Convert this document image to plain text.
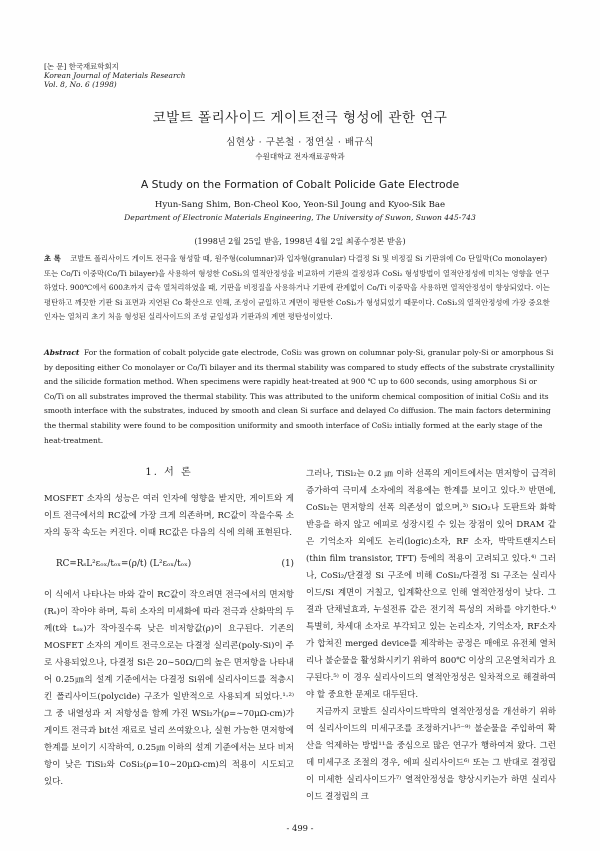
[논 문] 한국재료학회지
Korean Journal of Materials Research
Vol. 8, No. 6 (1998)
코발트 폴리사이드 게이트전극 형성에 관한 연구
심현상 · 구본철 · 정연실 · 배규식
수원대학교 전자재료공학과
A Study on the Formation of Cobalt Policide Gate Electrode
Hyun-Sang Shim, Bon-Cheol Koo, Yeon-Sil Joung and Kyoo-Sik Bae
Department of Electronic Materials Engineering, The University of Suwon, Suwon 445-743
(1998년 2월 25일 받음, 1998년 4월 2일 최종수정본 받음)
초 록 코발트 폴리사이드 게이트 전극을 형성할 때, 원주형(columnar)과 입자형(granular) 다결정 Si 및 비정질 Si 기판위에 Co 단일막(Co monolayer) 또는 Co/Ti 이중막(Co/Ti bilayer)을 사용하여 형성한 CoSi₂의 열적안정성을 비교하여 기판의 결정성과 CoSi₂ 형성방법이 열적안정성에 미치는 영향을 연구하였다. 900℃에서 600초까지 급속 열처리하였을 때, 기판을 비정질을 사용하거나 기판에 관계없이 Co/Ti 이중막을 사용하면 열적안정성이 향상되었다. 이는 평탄하고 깨끗한 기판 Si 표면과 지연된 Co 확산으로 인해, 조성이 균일하고 계면이 평탄한 CoSi₂가 형성되었기 때문이다. CoSi₂의 열적안정성에 가장 중요한 인자는 열처리 초기 처음 형성된 실리사이드의 조성 균일성과 기판과의 계면 평탄성이었다.
Abstract For the formation of cobalt polycide gate electrode, CoSi₂ was grown on columnar poly-Si, granular poly-Si or amorphous Si by depositing either Co monolayer or Co/Ti bilayer and its thermal stability was compared to study effects of the substrate crystallinity and the silicide formation method. When specimens were rapidly heat-treated at 900 ℃ up to 600 seconds, using amorphous Si or Co/Ti on all substrates improved the thermal stability. This was attributed to the uniform chemical composition of initial CoSi₂ and its smooth interface with the substrates, induced by smooth and clean Si surface and delayed Co diffusion. The main factors determining the thermal stability were found to be composition uniformity and smooth interface of CoSi₂ intially formed at the early stage of the heat-treatment.
1. 서 론

MOSFET 소자의 성능은 여러 인자에 영향을 받지만, 게이트와 게이트 전극에서의 RC값에 가장 크게 의존하며, RC값이 작을수록 소자의 동작 속도는 커진다. 이때 RC값은 다음의 식에 의해 표현된다.

RC=RₛL²εₒₓ/tₒₓ=(ρ/t) (L²εₒₓ/tₒₓ)	(1)

이 식에서 나타나는 바와 같이 RC값이 작으려면 전극에서의 면저항(Rₛ)이 작아야 하며, 특히 소자의 미세화에 따라 전극과 산화막의 두께(t와 tₒₓ)가 작아질수록 낮은 비저항값(ρ)이 요구된다. 기존의 MOSFET 소자의 게이트 전극으로는 다결정 실리콘(poly-Si)이 주로 사용되었으나, 다결정 Si은 20∼50Ω/□의 높은 면저항을 나타내어 0.25㎛의 설계 기준에서는 다결정 Si위에 실리사이드를 적층시킨 폴리사이드(polycide) 구조가 일반적으로 사용되게 되었다.¹·²⁾ 그 중 내열성과 저 저항성을 함께 가진 WSi₂가(ρ=∼70μΩ-cm)가 게이트 전극과 bit선 재료로 널리 쓰여왔으나, 실현 가능한 면저항에 한계를 보이기 시작하여, 0.25㎛ 이하의 설계 기준에서는 보다 비저항이 낮은 TiSi₂와 CoSi₂(ρ=10∼20μΩ-cm)의 적용이 시도되고 있다.

그러나, TiSi₂는 0.2 ㎛ 이하 선폭의 게이트에서는 면저항이 급격히 증가하여 극미세 소자에의 적용에는 한계를 보이고 있다.³⁾ 반면에, CoSi₂는 면저항의 선폭 의존성이 없으며,³⁾ SiO₂나 도판트와 화학 반응을 하지 않고 에피로 성장시킬 수 있는 장점이 있어 DRAM 같은 기억소자 외에도 논리(logic)소자, RF 소자, 박막트랜지스터(thin film transistor, TFT) 등에의 적용이 고려되고 있다.⁴⁾ 그러나, CoSi₂/단결정 Si 구조에 비해 CoSi₂/다결정 Si 구조는 실리사이드/Si 계면이 거칠고, 입계확산으로 인해 열적안정성이 낮다. 그 결과 단채널효과, 누설전류 같은 전기적 특성의 저하를 야기한다.⁴⁾ 특별히, 차세대 소자로 부각되고 있는 논리소자, 기억소자, RF소자가 합쳐진 merged device를 제작하는 공정은 매애로 유전체 열처리나 불순물을 활성화시키기 위하여 800℃ 이상의 고온열처리가 요구된다.⁵⁾ 이 경우 실리사이드의 열적안정성은 일차적으로 해결하여야 할 중요한 문제로 대두된다.

지금까지 코발트 실리사이드박막의 열적안정성을 개선하기 위하여 실리사이드의 미세구조를 조정하거나⁵⁻⁹⁾ 불순물을 주입하여 확산을 억제하는 방법¹¹을 중심으로 많은 연구가 행하여져 왔다. 그런데 미세구조 조절의 경우, 에피 실리사이드⁶⁾ 또는 그 반대로 결정립이 미세한 실리사이드가⁷⁾ 열적안정성을 향상시키는가 하면 실리사이드 결정립의 크

- 499 -
